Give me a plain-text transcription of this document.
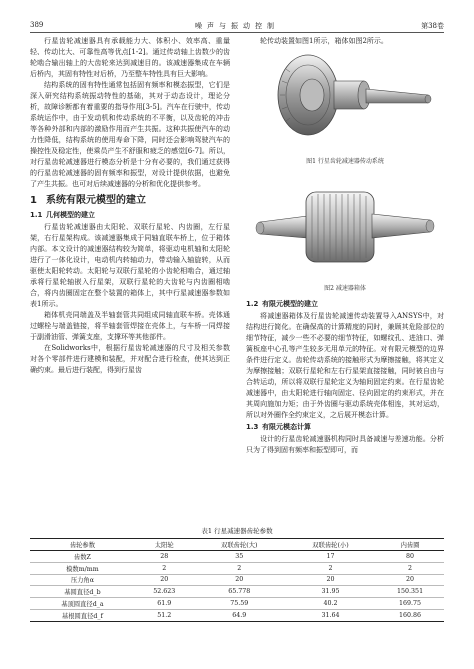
389	噪声与振动控制	第38卷

行星齿轮减速器具有承载能力大、体积小、效率高、重量轻、传动比大、可靠性高等优点[1-2]。通过传动轴上齿数少的齿轮啮合输出轴上的大齿轮来达到减速目的。该减速器集成在车辆后桥内，其固有特性对后桥，乃至整车特性具有巨大影响。

结构系统的固有特性通常包括固有频率和模态振型，它们是深入研究结构系统振动特性的基础，其对于动态设计，理论分析，故障诊断都有着重要的指导作用[3-5]。汽车在行驶中，传动系统运作中，由于发动机和传动系统的不平衡，以及齿轮的冲击等各种外部和内部的激励作用而产生共振。这种共振使汽车的动力性降低，结构系统的使用寿命下降，同时还会影响驾驶汽车的操控性及稳定性，使乘员产生不舒服和疲乏的感觉[6-7]。所以，对行星齿轮减速器进行模态分析是十分有必要的，我们通过获得的行星齿轮减速器的固有频率和振型，对设计提供依据，也避免了产生共振。也可对后续减速器的分析和优化提供参考。

1 系统有限元模型的建立
1.1 几何模型的建立

行星齿轮减速器由太阳轮、双联行星轮、内齿圈，左行星架，右行星架构成。该减速器集成于同轴直联车桥上，位于箱体内部。本文设计的减速器结构较为简单，将驱动电机轴和太阳轮进行了一体化设计，电动机内转轴动力，带动输入轴旋转，从而驱使太阳轮转动。太阳轮与双联行星轮的小齿轮相啮合，通过轴承将行星轮轴嵌入行星架，双联行星轮的大齿轮与内齿圈相啮合，将内齿圈固定在整个装置的箱体上，其中行星减速器参数如表1所示。

箱体机壳同端盖及半轴套管共同组成同轴直联车桥。壳体通过螺栓与端盖链接，将半轴套管焊接在壳体上，与车桥一同焊接于副滑油管、弹簧支座，支撑环等其他部件。

在Solidworks中，根据行星齿轮减速器的尺寸及相关参数对各个零部件进行建模和装配，并对配合进行检查，使其达到正确约束。最后进行装配，得到行星齿

轮传动装置如图1所示，箱体如图2所示。

图1 行星齿轮减速器传动系统
图2 减速器箱体
1.2 有限元模型的建立

将减速器箱体及行星齿轮减速传动装置导入ANSYS中，对结构进行简化。在确保高的计算精度的同时，兼顾其危险部位的细节特征，减少一些不必要的细节特征，如螺纹孔、进油口、弹簧板座中心孔等产生较多无用单元的特征。对有限元模型的边界条件进行定义。齿轮传动系统的接触形式为摩擦接触，将其定义为摩擦接触；双联行星轮和左右行星架直接接触，同时被自由与合转运动，所以将双联行星轮定义为轴间固定约束。在行星齿轮减速器中，由太阳轮进行轴向固定、径向固定的约束形式，并在其周向施加力矩；由于外齿圈与驱动系统壳体相连，其对运动，所以对外圈作全约束定义，之后展开模态计算。

1.3 有限元模态计算

设计的行星齿轮减速器机构同时具备减速与差速功能。分析只为了得到固有频率和振型即可，而

表1 行星减速器齿轮参数
齿轮参数	太阳轮	双联齿轮(大)	双联齿轮(小)	内齿圈
齿数Z	28	35	17	80
模数m/mm	2	2	2	2
压力角α	20	20	20	20
基圆直径d_b	52.623	65.778	31.95	150.351
基顶圆直径d_a	61.9	75.59	40.2	169.75
基根圆直径d_f	51.2	64.9	31.64	160.86
